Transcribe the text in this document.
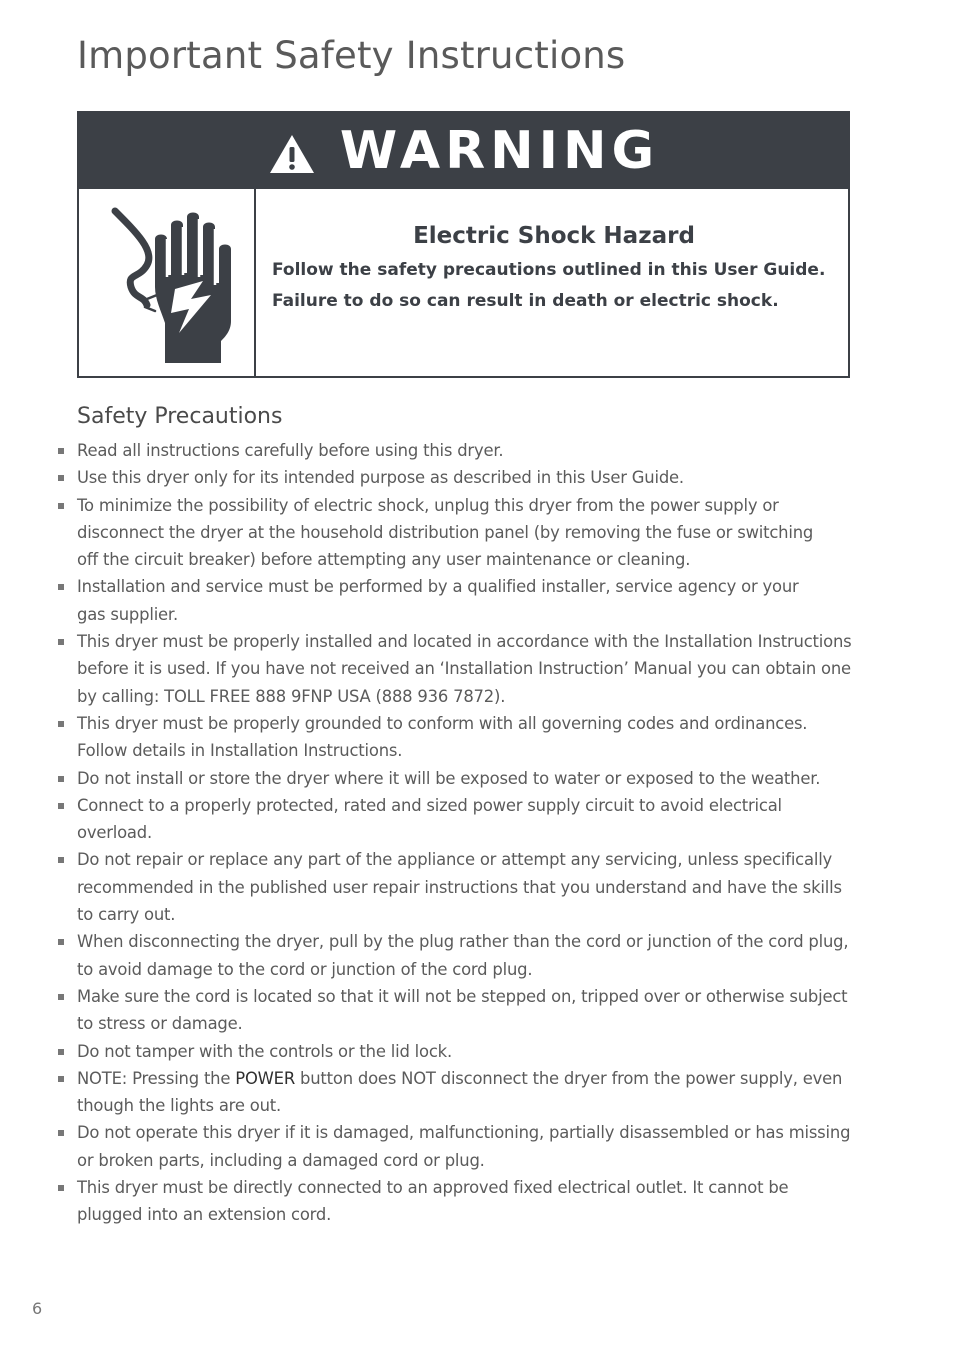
Important Safety Instructions
WARNING

Electric Shock Hazard

Follow the safety precautions outlined in this User Guide.

Failure to do so can result in death or electric shock.

Safety Precautions
Read all instructions carefully before using this dryer.
Use this dryer only for its intended purpose as described in this User Guide.
To minimize the possibility of electric shock, unplug this dryer from the power supply or
disconnect the dryer at the household distribution panel (by removing the fuse or switching
off the circuit breaker) before attempting any user maintenance or cleaning.
Installation and service must be performed by a qualified installer, service agency or your
gas supplier.
This dryer must be properly installed and located in accordance with the Installation Instructions
before it is used. If you have not received an ‘Installation Instruction’ Manual you can obtain one
by calling: TOLL FREE 888 9FNP USA (888 936 7872).
This dryer must be properly grounded to conform with all governing codes and ordinances.
Follow details in Installation Instructions.
Do not install or store the dryer where it will be exposed to water or exposed to the weather.
Connect to a properly protected, rated and sized power supply circuit to avoid electrical
overload.
Do not repair or replace any part of the appliance or attempt any servicing, unless specifically
recommended in the published user repair instructions that you understand and have the skills
to carry out.
When disconnecting the dryer, pull by the plug rather than the cord or junction of the cord plug,
to avoid damage to the cord or junction of the cord plug.
Make sure the cord is located so that it will not be stepped on, tripped over or otherwise subject
to stress or damage.
Do not tamper with the controls or the lid lock.
NOTE: Pressing the POWER button does NOT disconnect the dryer from the power supply, even
though the lights are out.
Do not operate this dryer if it is damaged, malfunctioning, partially disassembled or has missing
or broken parts, including a damaged cord or plug.
This dryer must be directly connected to an approved fixed electrical outlet. It cannot be
plugged into an extension cord.
6
